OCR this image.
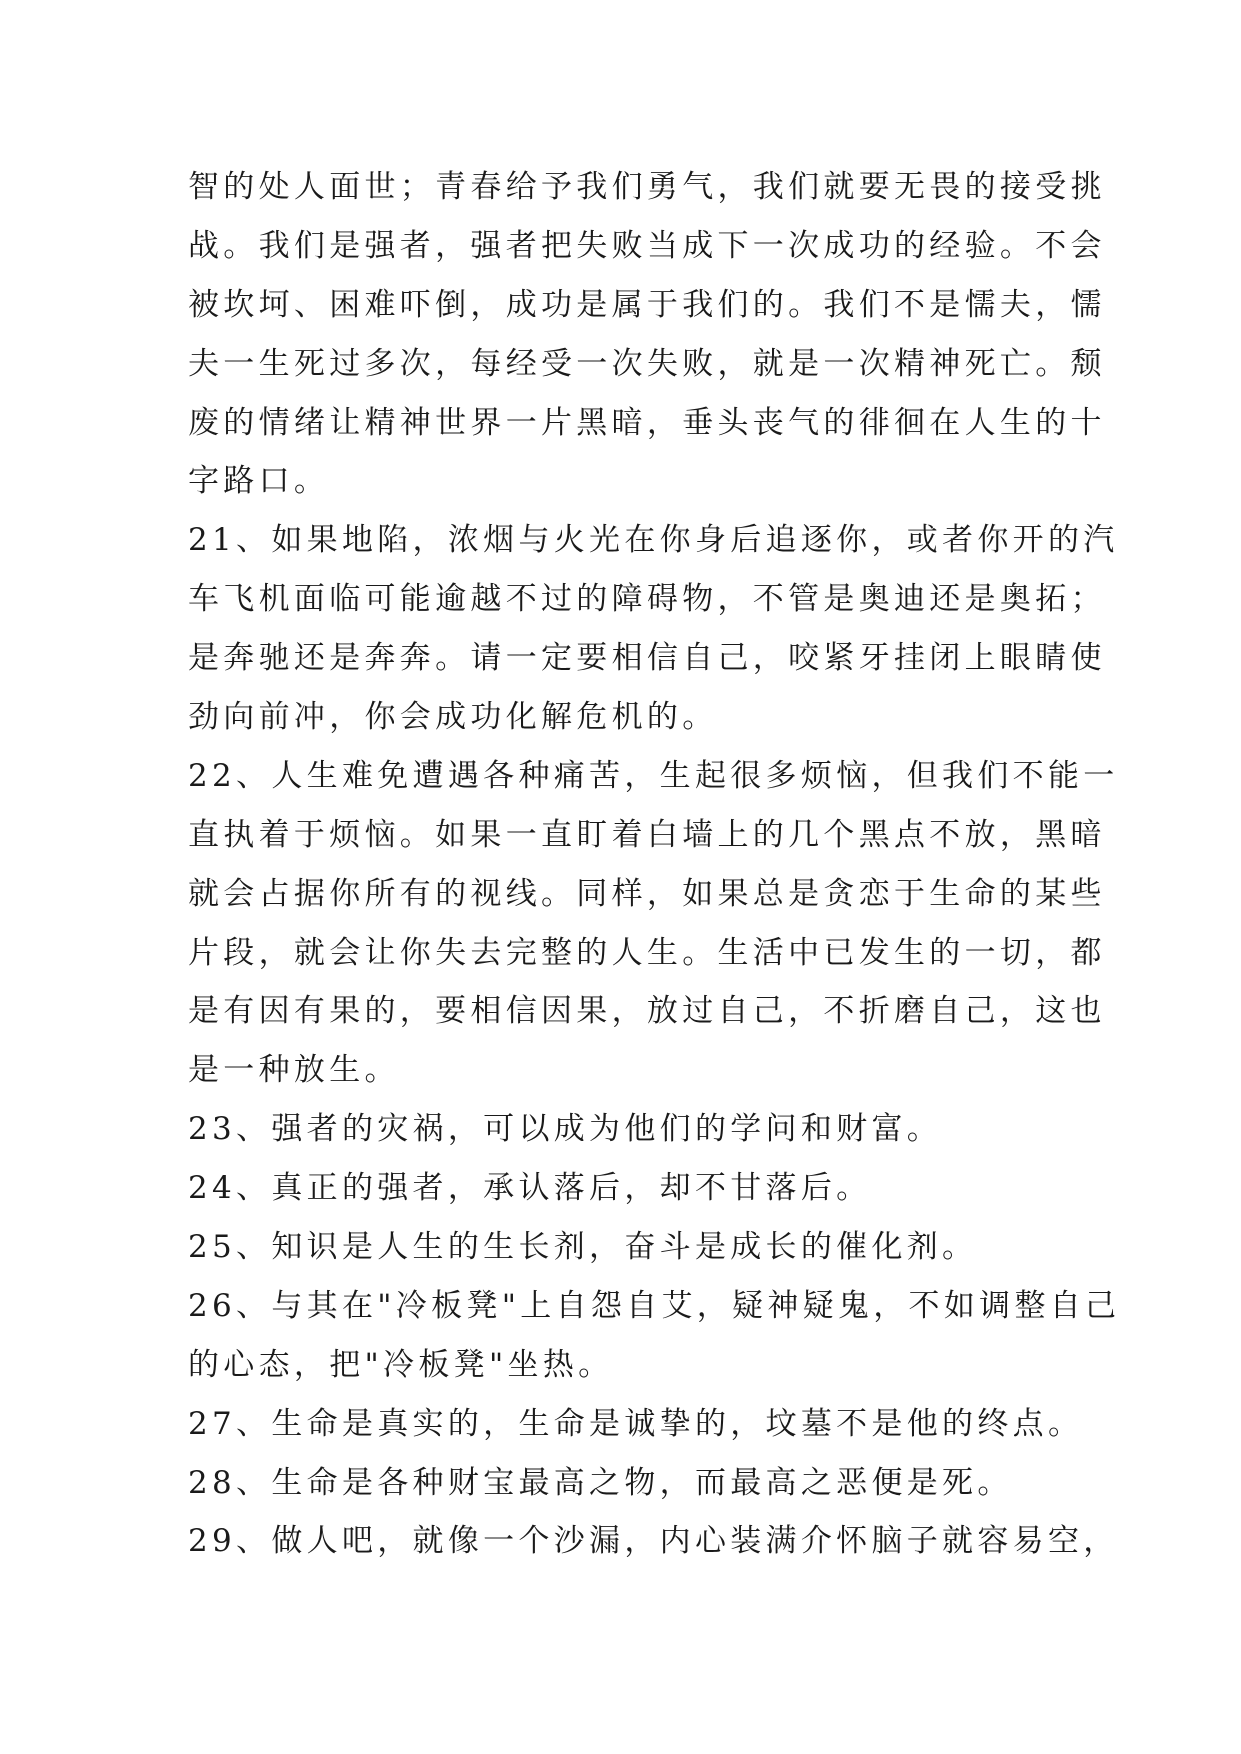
智的处人面世；青春给予我们勇气，我们就要无畏的接受挑
战。我们是强者，强者把失败当成下一次成功的经验。不会
被坎坷、困难吓倒，成功是属于我们的。我们不是懦夫，懦
夫一生死过多次，每经受一次失败，就是一次精神死亡。颓
废的情绪让精神世界一片黑暗，垂头丧气的徘徊在人生的十
字路口。
21、如果地陷，浓烟与火光在你身后追逐你，或者你开的汽
车飞机面临可能逾越不过的障碍物，不管是奥迪还是奥拓；
是奔驰还是奔奔。请一定要相信自己，咬紧牙挂闭上眼睛使
劲向前冲，你会成功化解危机的。
22、人生难免遭遇各种痛苦，生起很多烦恼，但我们不能一
直执着于烦恼。如果一直盯着白墙上的几个黑点不放，黑暗
就会占据你所有的视线。同样，如果总是贪恋于生命的某些
片段，就会让你失去完整的人生。生活中已发生的一切，都
是有因有果的，要相信因果，放过自己，不折磨自己，这也
是一种放生。
23、强者的灾祸，可以成为他们的学问和财富。
24、真正的强者，承认落后，却不甘落后。
25、知识是人生的生长剂，奋斗是成长的催化剂。
26、与其在"冷板凳"上自怨自艾，疑神疑鬼，不如调整自己
的心态，把"冷板凳"坐热。
27、生命是真实的，生命是诚挚的，坟墓不是他的终点。
28、生命是各种财宝最高之物，而最高之恶便是死。
29、做人吧，就像一个沙漏，内心装满介怀脑子就容易空，
